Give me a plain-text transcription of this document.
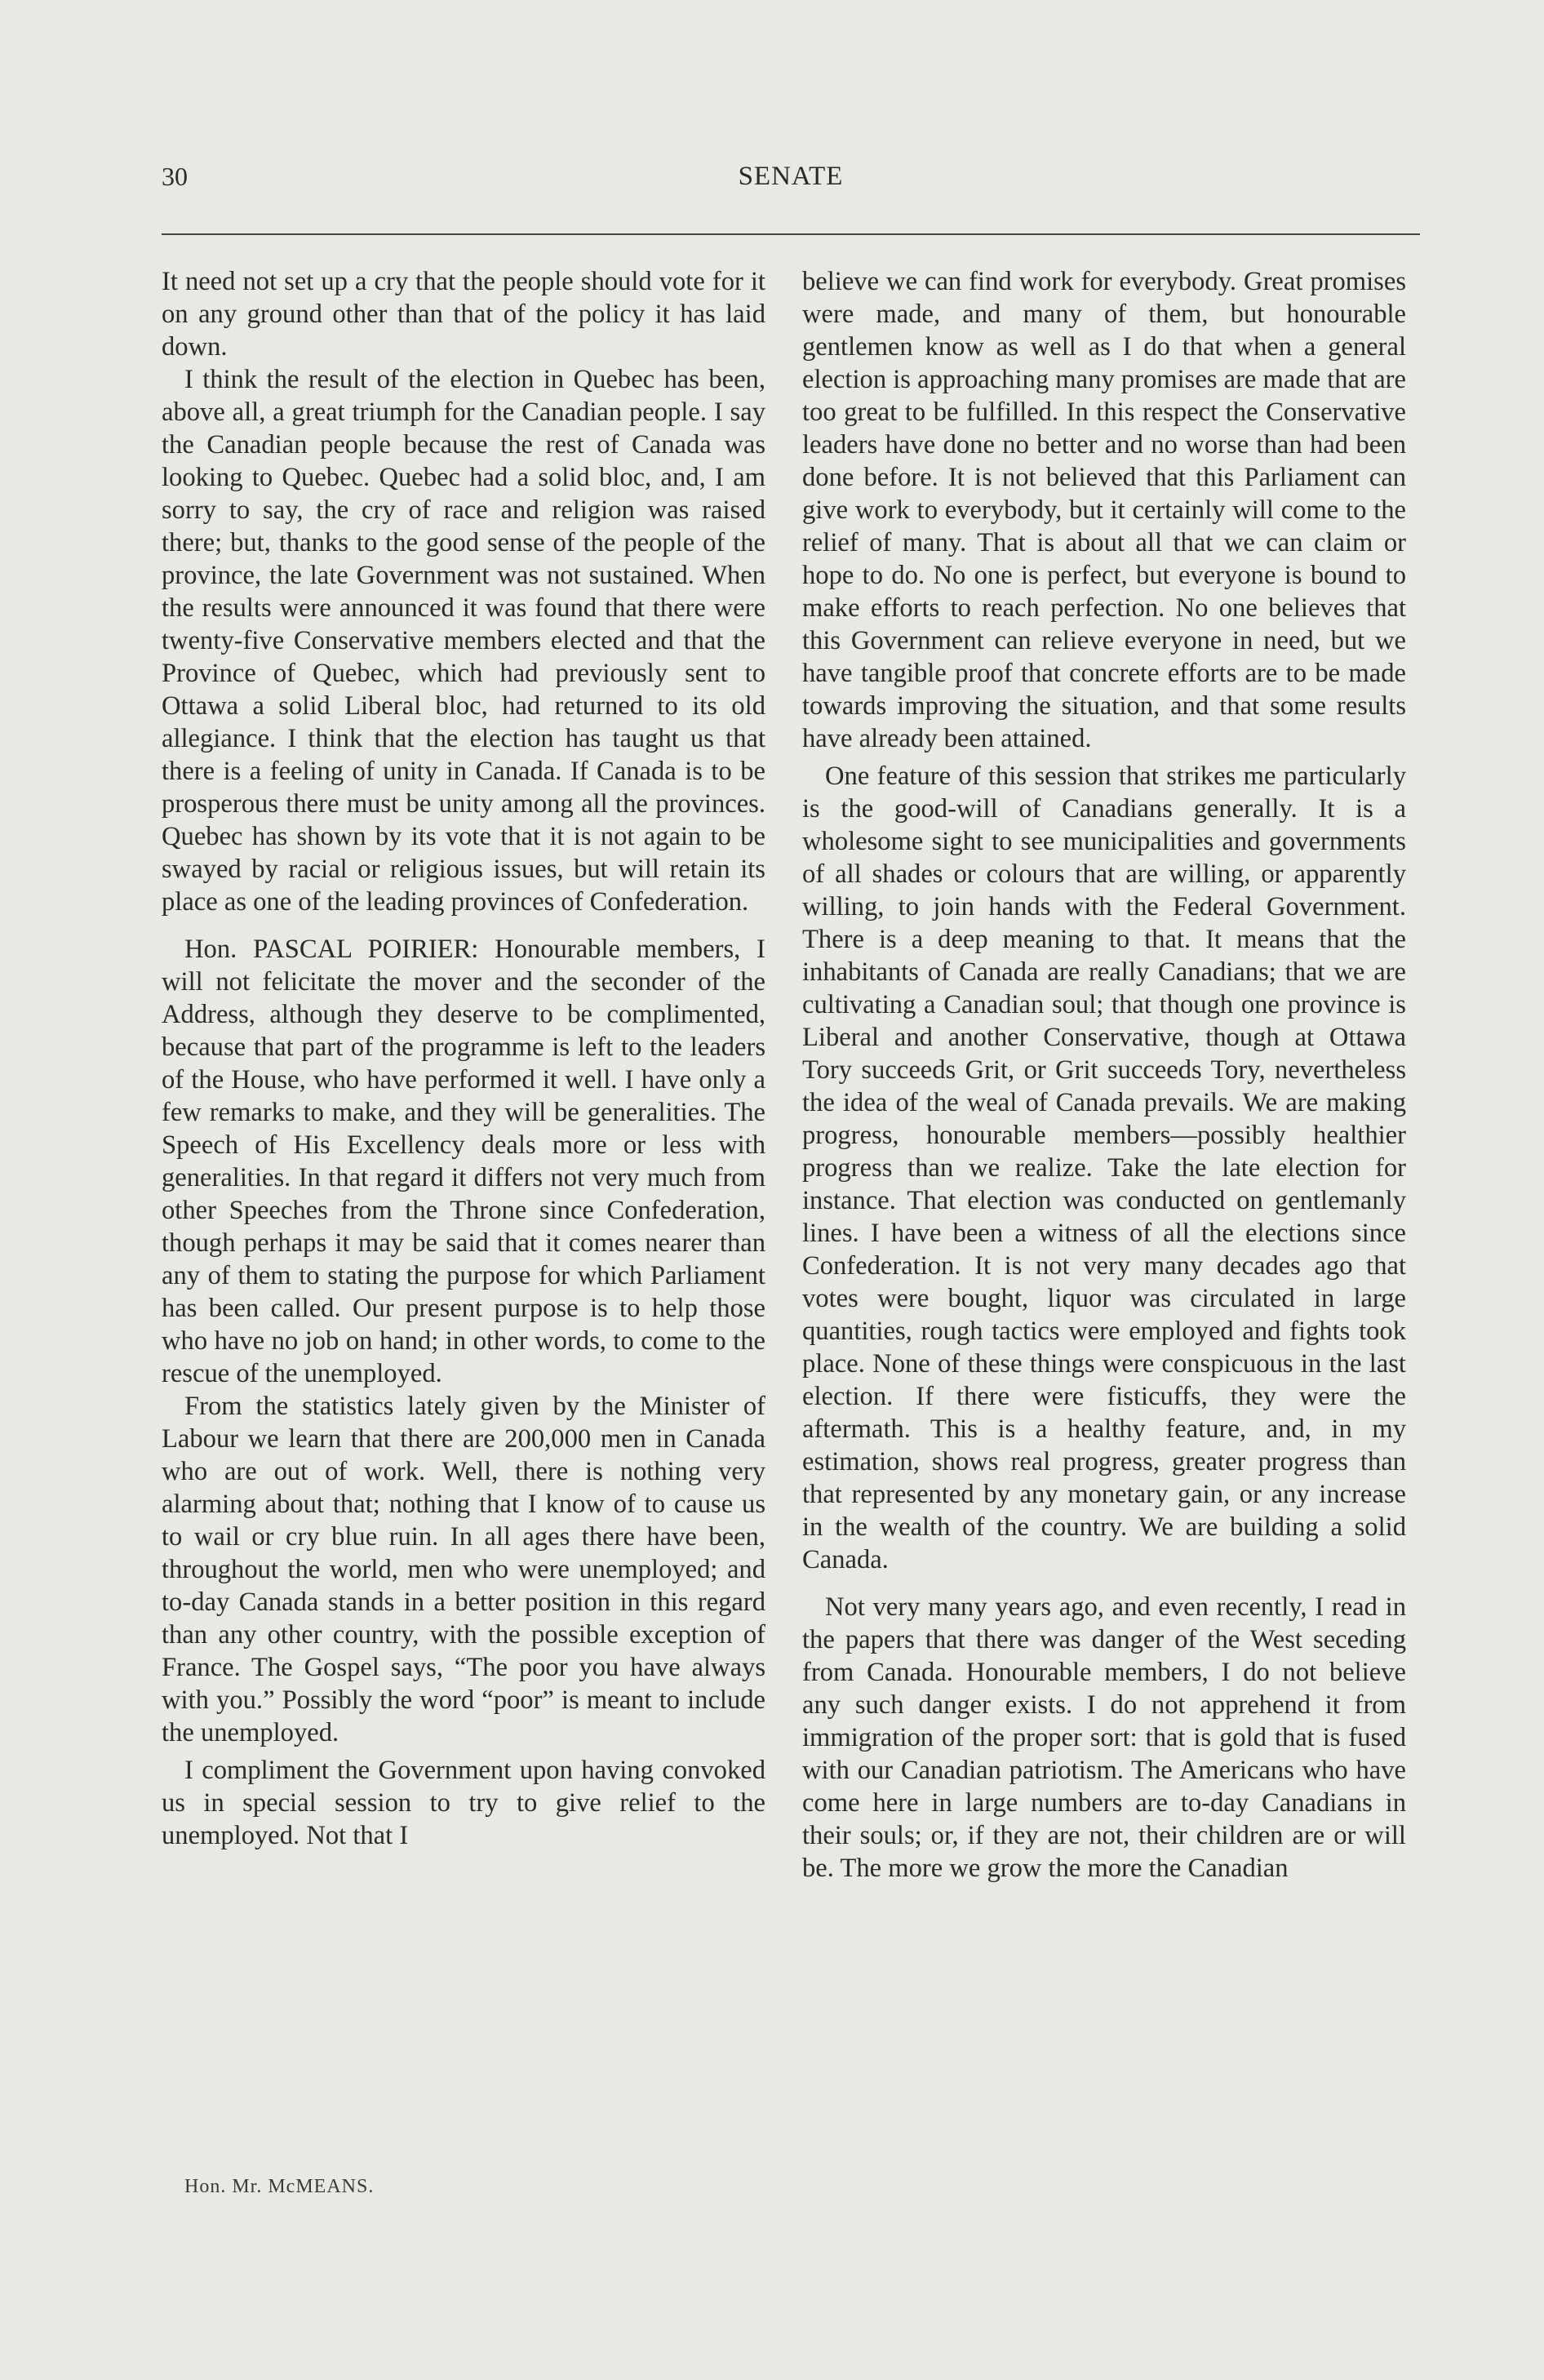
30	SENATE

It need not set up a cry that the people should vote for it on any ground other than that of the policy it has laid down.

I think the result of the election in Quebec has been, above all, a great triumph for the Canadian people. I say the Canadian people because the rest of Canada was looking to Quebec. Quebec had a solid bloc, and, I am sorry to say, the cry of race and religion was raised there; but, thanks to the good sense of the people of the province, the late Government was not sustained. When the results were announced it was found that there were twenty-five Conservative members elected and that the Province of Quebec, which had previously sent to Ottawa a solid Liberal bloc, had returned to its old allegiance. I think that the election has taught us that there is a feeling of unity in Canada. If Canada is to be prosperous there must be unity among all the provinces. Quebec has shown by its vote that it is not again to be swayed by racial or religious issues, but will retain its place as one of the leading provinces of Confederation.

Hon. PASCAL POIRIER: Honourable members, I will not felicitate the mover and the seconder of the Address, although they deserve to be complimented, because that part of the programme is left to the leaders of the House, who have performed it well. I have only a few remarks to make, and they will be generalities. The Speech of His Excellency deals more or less with generalities. In that regard it differs not very much from other Speeches from the Throne since Confederation, though perhaps it may be said that it comes nearer than any of them to stating the purpose for which Parliament has been called. Our present purpose is to help those who have no job on hand; in other words, to come to the rescue of the unemployed.

From the statistics lately given by the Minister of Labour we learn that there are 200,000 men in Canada who are out of work. Well, there is nothing very alarming about that; nothing that I know of to cause us to wail or cry blue ruin. In all ages there have been, throughout the world, men who were unemployed; and to-day Canada stands in a better position in this regard than any other country, with the possible exception of France. The Gospel says, “The poor you have always with you.” Possibly the word “poor” is meant to include the unemployed.

I compliment the Government upon having convoked us in special session to try to give relief to the unemployed. Not that I

believe we can find work for everybody. Great promises were made, and many of them, but honourable gentlemen know as well as I do that when a general election is approaching many promises are made that are too great to be fulfilled. In this respect the Conservative leaders have done no better and no worse than had been done before. It is not believed that this Parliament can give work to everybody, but it certainly will come to the relief of many. That is about all that we can claim or hope to do. No one is perfect, but everyone is bound to make efforts to reach perfection. No one believes that this Government can relieve everyone in need, but we have tangible proof that concrete efforts are to be made towards improving the situation, and that some results have already been attained.

One feature of this session that strikes me particularly is the good-will of Canadians generally. It is a wholesome sight to see municipalities and governments of all shades or colours that are willing, or apparently willing, to join hands with the Federal Government. There is a deep meaning to that. It means that the inhabitants of Canada are really Canadians; that we are cultivating a Canadian soul; that though one province is Liberal and another Conservative, though at Ottawa Tory succeeds Grit, or Grit succeeds Tory, nevertheless the idea of the weal of Canada prevails. We are making progress, honourable members—possibly healthier progress than we realize. Take the late election for instance. That election was conducted on gentlemanly lines. I have been a witness of all the elections since Confederation. It is not very many decades ago that votes were bought, liquor was circulated in large quantities, rough tactics were employed and fights took place. None of these things were conspicuous in the last election. If there were fisticuffs, they were the aftermath. This is a healthy feature, and, in my estimation, shows real progress, greater progress than that represented by any monetary gain, or any increase in the wealth of the country. We are building a solid Canada.

Not very many years ago, and even recently, I read in the papers that there was danger of the West seceding from Canada. Honourable members, I do not believe any such danger exists. I do not apprehend it from immigration of the proper sort: that is gold that is fused with our Canadian patriotism. The Americans who have come here in large numbers are to-day Canadians in their souls; or, if they are not, their children are or will be. The more we grow the more the Canadian

Hon. Mr. McMEANS.
